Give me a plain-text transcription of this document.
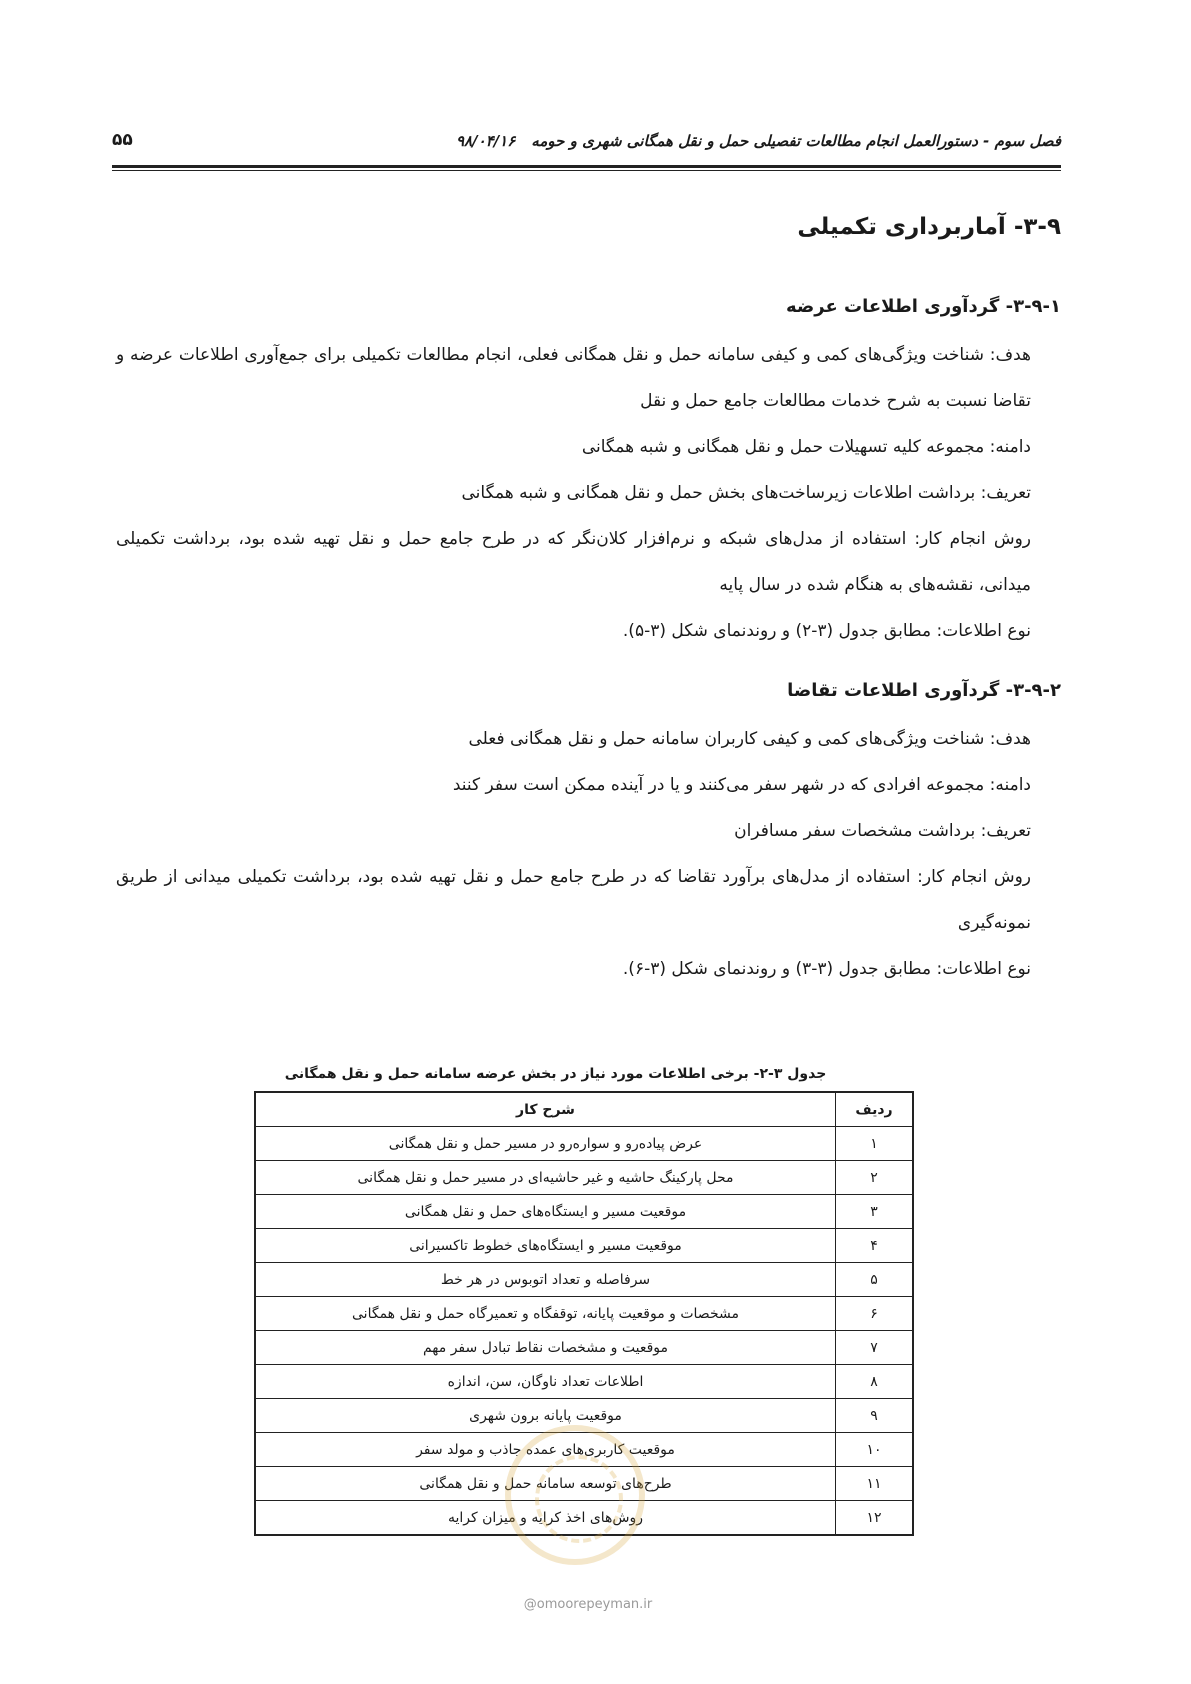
فصل سوم - دستورالعمل انجام مطالعات تفصیلی حمل و نقل همگانی شهری و حومه۹۸/۰۴/۱۶
۵۵
۳-۹- آماربرداری تکمیلی
۳-۹-۱- گردآوری اطلاعات عرضه

هدف: شناخت ویژگی‌های کمی و کیفی سامانه حمل و نقل همگانی فعلی، انجام مطالعات تکمیلی برای جمع‌آوری اطلاعات عرضه و تقاضا نسبت به شرح خدمات مطالعات جامع حمل و نقل

دامنه: مجموعه کلیه تسهیلات حمل و نقل همگانی و شبه همگانی

تعریف: برداشت اطلاعات زیرساخت‌های بخش حمل و نقل همگانی و شبه همگانی

روش انجام کار: استفاده از مدل‌های شبکه و نرم‌افزار کلان‌نگر که در طرح جامع حمل و نقل تهیه شده بود، برداشت تکمیلی میدانی، نقشه‌های به هنگام شده در سال پایه

نوع اطلاعات: مطابق جدول (۳-۲) و روندنمای شکل (۳-۵).

۳-۹-۲- گردآوری اطلاعات تقاضا

هدف: شناخت ویژگی‌های کمی و کیفی کاربران سامانه حمل و نقل همگانی فعلی

دامنه: مجموعه افرادی که در شهر سفر می‌کنند و یا در آینده ممکن است سفر کنند

تعریف: برداشت مشخصات سفر مسافران

روش انجام کار: استفاده از مدل‌های برآورد تقاضا که در طرح جامع حمل و نقل تهیه شده بود، برداشت تکمیلی میدانی از طریق نمونه‌گیری

نوع اطلاعات: مطابق جدول (۳-۳) و روندنمای شکل (۳-۶).

جدول ۳-۲- برخی اطلاعات مورد نیاز در بخش عرضه سامانه حمل و نقل همگانی
ردیف	شرح کار
۱	عرض پیاده‌رو و سواره‌رو در مسیر حمل و نقل همگانی
۲	محل پارکینگ حاشیه و غیر حاشیه‌ای در مسیر حمل و نقل همگانی
۳	موقعیت مسیر و ایستگاه‌های حمل و نقل همگانی
۴	موقعیت مسیر و ایستگاه‌های خطوط تاکسیرانی
۵	سرفاصله و تعداد اتوبوس در هر خط
۶	مشخصات و موقعیت پایانه، توقفگاه و تعمیرگاه حمل و نقل همگانی
۷	موقعیت و مشخصات نقاط تبادل سفر مهم
۸	اطلاعات تعداد ناوگان، سن، اندازه
۹	موقعیت پایانه برون شهری
۱۰	موقعیت کاربری‌های عمده جاذب و مولد سفر
۱۱	طرح‌های توسعه سامانه حمل و نقل همگانی
۱۲	روش‌های اخذ کرایه و میزان کرایه
@omoorepeyman.ir
